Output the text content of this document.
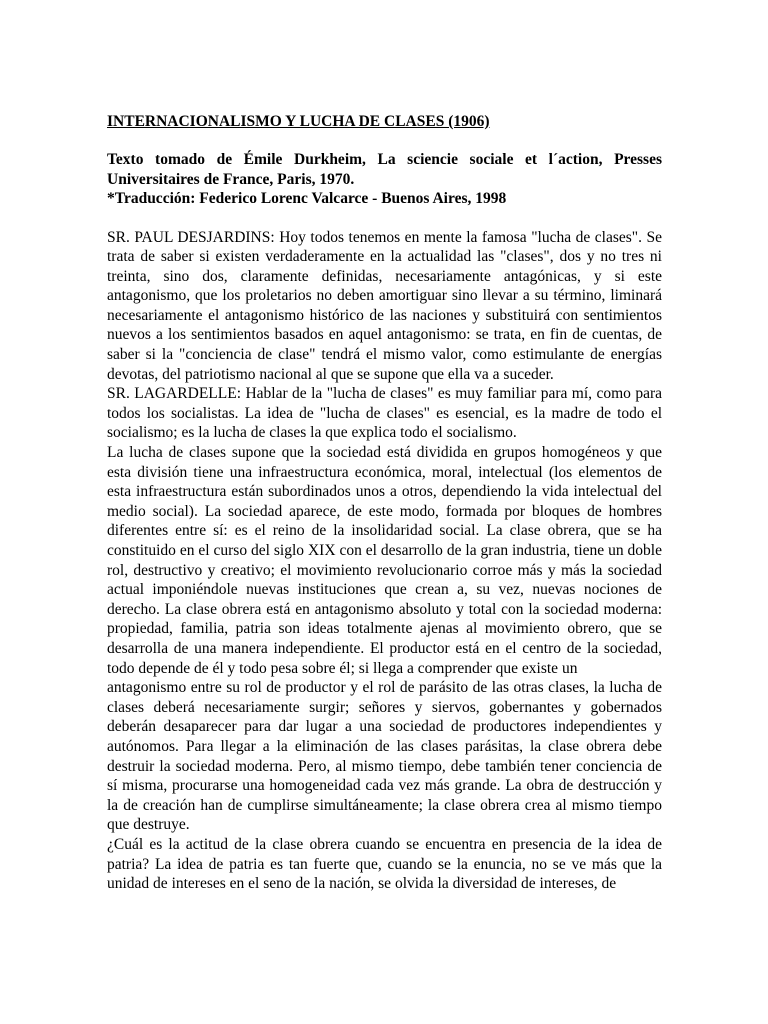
INTERNACIONALISMO Y LUCHA DE CLASES (1906)
Texto tomado de Émile Durkheim, La sciencie sociale et l´action, Presses Universitaires de France, Paris, 1970.
*Traducción: Federico Lorenc Valcarce - Buenos Aires, 1998

SR. PAUL DESJARDINS: Hoy todos tenemos en mente la famosa "lucha de clases". Se trata de saber si existen verdaderamente en la actualidad las "clases", dos y no tres ni treinta, sino dos, claramente definidas, necesariamente antagónicas, y si este antagonismo, que los proletarios no deben amortiguar sino llevar a su término, liminará necesariamente el antagonismo histórico de las naciones y substituirá con sentimientos nuevos a los sentimientos basados en aquel antagonismo: se trata, en fin de cuentas, de saber si la "conciencia de clase" tendrá el mismo valor, como estimulante de energías devotas, del patriotismo nacional al que se supone que ella va a suceder.

SR. LAGARDELLE: Hablar de la "lucha de clases" es muy familiar para mí, como para todos los socialistas. La idea de "lucha de clases" es esencial, es la madre de todo el socialismo; es la lucha de clases la que explica todo el socialismo.

La lucha de clases supone que la sociedad está dividida en grupos homogéneos y que esta división tiene una infraestructura económica, moral, intelectual (los elementos de esta infraestructura están subordinados unos a otros, dependiendo la vida intelectual del medio social). La sociedad aparece, de este modo, formada por bloques de hombres diferentes entre sí: es el reino de la insolidaridad social. La clase obrera, que se ha constituido en el curso del siglo XIX con el desarrollo de la gran industria, tiene un doble rol, destructivo y creativo; el movimiento revolucionario corroe más y más la sociedad actual imponiéndole nuevas instituciones que crean a, su vez, nuevas nociones de derecho. La clase obrera está en antagonismo absoluto y total con la sociedad moderna: propiedad, familia, patria son ideas totalmente ajenas al movimiento obrero, que se desarrolla de una manera independiente. El productor está en el centro de la sociedad, todo depende de él y todo pesa sobre él; si llega a comprender que existe un

antagonismo entre su rol de productor y el rol de parásito de las otras clases, la lucha de clases deberá necesariamente surgir; señores y siervos, gobernantes y gobernados deberán desaparecer para dar lugar a una sociedad de productores independientes y autónomos. Para llegar a la eliminación de las clases parásitas, la clase obrera debe destruir la sociedad moderna. Pero, al mismo tiempo, debe también tener conciencia de sí misma, procurarse una homogeneidad cada vez más grande. La obra de destrucción y la de creación han de cumplirse simultáneamente; la clase obrera crea al mismo tiempo que destruye.

¿Cuál es la actitud de la clase obrera cuando se encuentra en presencia de la idea de patria? La idea de patria es tan fuerte que, cuando se la enuncia, no se ve más que la unidad de intereses en el seno de la nación, se olvida la diversidad de intereses, de
